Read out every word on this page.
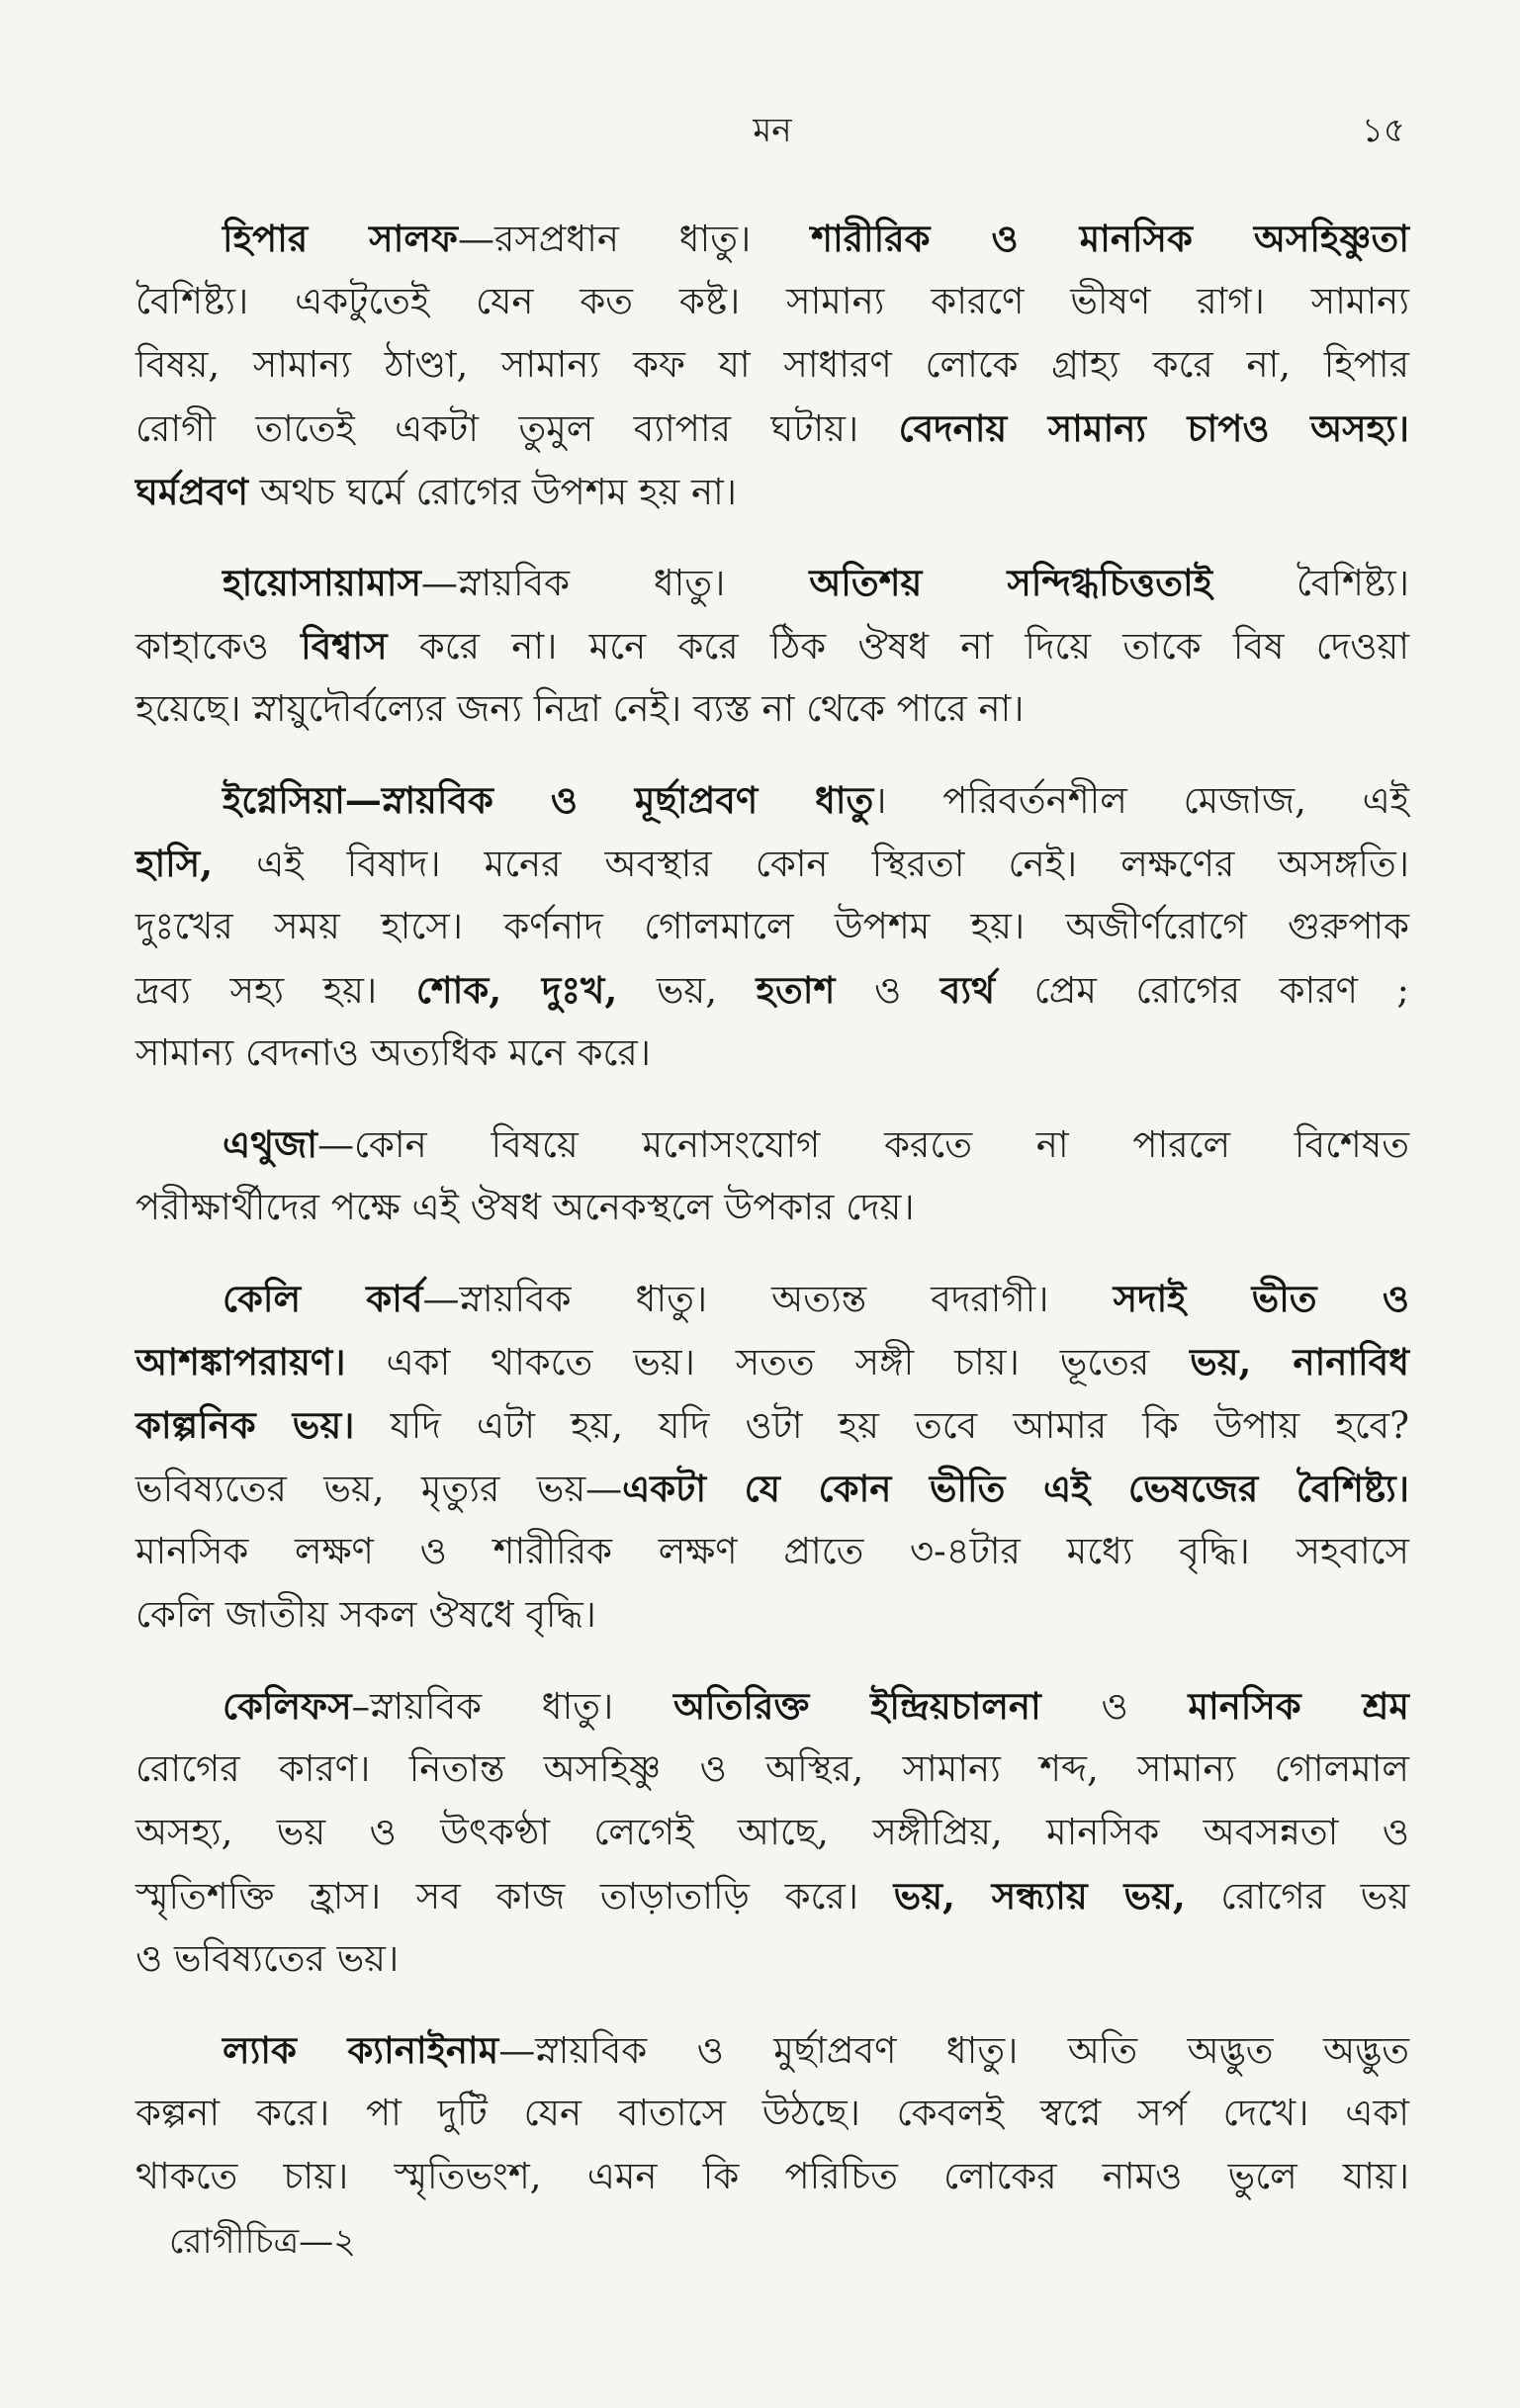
মন	১৫
হিপার সালফ—রসপ্রধান ধাতু। শারীরিক ও মানসিক অসহিষ্ণুতা
বৈশিষ্ট্য। একটুতেই যেন কত কষ্ট। সামান্য কারণে ভীষণ রাগ। সামান্য
বিষয়, সামান্য ঠাণ্ডা, সামান্য কফ যা সাধারণ লোকে গ্রাহ্য করে না, হিপার
রোগী তাতেই একটা তুমুল ব্যাপার ঘটায়। বেদনায় সামান্য চাপও অসহ্য।
ঘর্মপ্রবণ অথচ ঘর্মে রোগের উপশম হয় না।
হায়োসায়ামাস—স্নায়বিক ধাতু। অতিশয় সন্দিগ্ধচিত্ততাই বৈশিষ্ট্য।
কাহাকেও বিশ্বাস করে না। মনে করে ঠিক ঔষধ না দিয়ে তাকে বিষ দেওয়া
হয়েছে। স্নায়ুদৌর্বল্যের জন্য নিদ্রা নেই। ব্যস্ত না থেকে পারে না।
ইগ্নেসিয়া—স্নায়বিক ও মূর্ছাপ্রবণ ধাতু। পরিবর্তনশীল মেজাজ, এই
হাসি, এই বিষাদ। মনের অবস্থার কোন স্থিরতা নেই। লক্ষণের অসঙ্গতি।
দুঃখের সময় হাসে। কর্ণনাদ গোলমালে উপশম হয়। অজীর্ণরোগে গুরুপাক
দ্রব্য সহ্য হয়। শোক, দুঃখ, ভয়, হতাশ ও ব্যর্থ প্রেম রোগের কারণ ;
সামান্য বেদনাও অত্যধিক মনে করে।
এথুজা—কোন বিষয়ে মনোসংযোগ করতে না পারলে বিশেষত
পরীক্ষার্থীদের পক্ষে এই ঔষধ অনেকস্থলে উপকার দেয়।
কেলি কার্ব—স্নায়বিক ধাতু। অত্যন্ত বদরাগী। সদাই ভীত ও
আশঙ্কাপরায়ণ। একা থাকতে ভয়। সতত সঙ্গী চায়। ভূতের ভয়, নানাবিধ
কাল্পনিক ভয়। যদি এটা হয়, যদি ওটা হয় তবে আমার কি উপায় হবে?
ভবিষ্যতের ভয়, মৃত্যুর ভয়—একটা যে কোন ভীতি এই ভেষজের বৈশিষ্ট্য।
মানসিক লক্ষণ ও শারীরিক লক্ষণ প্রাতে ৩-৪টার মধ্যে বৃদ্ধি। সহবাসে
কেলি জাতীয় সকল ঔষধে বৃদ্ধি।
কেলিফস–স্নায়বিক ধাতু। অতিরিক্ত ইন্দ্রিয়চালনা ও মানসিক শ্রম
রোগের কারণ। নিতান্ত অসহিষ্ণু ও অস্থির, সামান্য শব্দ, সামান্য গোলমাল
অসহ্য, ভয় ও উৎকণ্ঠা লেগেই আছে, সঙ্গীপ্রিয়, মানসিক অবসন্নতা ও
স্মৃতিশক্তি হ্রাস। সব কাজ তাড়াতাড়ি করে। ভয়, সন্ধ্যায় ভয়, রোগের ভয়
ও ভবিষ্যতের ভয়।
ল্যাক ক্যানাইনাম—স্নায়বিক ও মুর্ছাপ্রবণ ধাতু। অতি অদ্ভুত অদ্ভুত
কল্পনা করে। পা দুটি যেন বাতাসে উঠছে। কেবলই স্বপ্নে সর্প দেখে। একা
থাকতে চায়। স্মৃতিভংশ, এমন কি পরিচিত লোকের নামও ভুলে যায়।
রোগীচিত্র—২
